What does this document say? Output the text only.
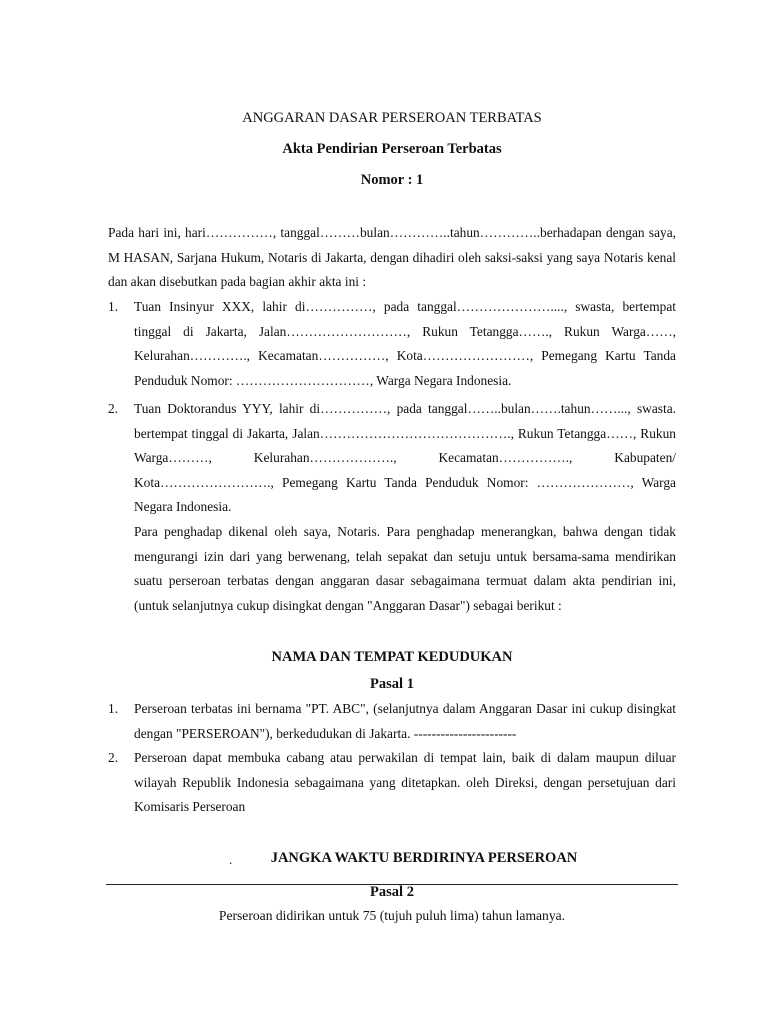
ANGGARAN DASAR PERSEROAN TERBATAS
Akta Pendirian Perseroan Terbatas
Nomor : 1

Pada hari ini, hari……………, tanggal………bulan…………..tahun…………..berhadapan dengan saya, M HASAN, Sarjana Hukum, Notaris di Jakarta, dengan dihadiri oleh saksi-saksi yang saya Notaris kenal dan akan disebutkan pada bagian akhir akta ini :

1.	Tuan Insinyur XXX, lahir di……………, pada tanggal…………………...., swasta, bertempat tinggal di Jakarta, Jalan………………………, Rukun Tetangga……., Rukun Warga……, Kelurahan…………., Kecamatan……………, Kota……………………, Pemegang Kartu Tanda Penduduk Nomor: …………………………, Warga Negara Indonesia.
2.	Tuan Doktorandus YYY, lahir di……………, pada tanggal……..bulan…….tahun……..., swasta. bertempat tinggal di Jakarta, Jalan……………………………………., Rukun Tetangga……, Rukun Warga………, Kelurahan………………., Kecamatan……………., Kabupaten/ Kota……………………., Pemegang Kartu Tanda Penduduk Nomor: …………………, Warga Negara Indonesia.

Para penghadap dikenal oleh saya, Notaris. Para penghadap menerangkan, bahwa dengan tidak mengurangi izin dari yang berwenang, telah sepakat dan setuju untuk bersama-sama mendirikan suatu perseroan terbatas dengan anggaran dasar sebagaimana termuat dalam akta pendirian ini, (untuk selanjutnya cukup disingkat dengan "Anggaran Dasar") sebagai berikut :

NAMA DAN TEMPAT KEDUDUKAN
Pasal 1
1.	Perseroan terbatas ini bernama "PT. ABC", (selanjutnya dalam Anggaran Dasar ini cukup disingkat dengan "PERSEROAN"), berkedudukan di Jakarta. -----------------------
2.	Perseroan dapat membuka cabang atau perwakilan di tempat lain, baik di dalam maupun diluar wilayah Republik Indonesia sebagaimana yang ditetapkan. oleh Direksi, dengan persetujuan dari Komisaris Perseroan
.	JANGKA WAKTU BERDIRINYA PERSEROAN
Pasal 2
Perseroan didirikan untuk 75 (tujuh puluh lima) tahun lamanya.
